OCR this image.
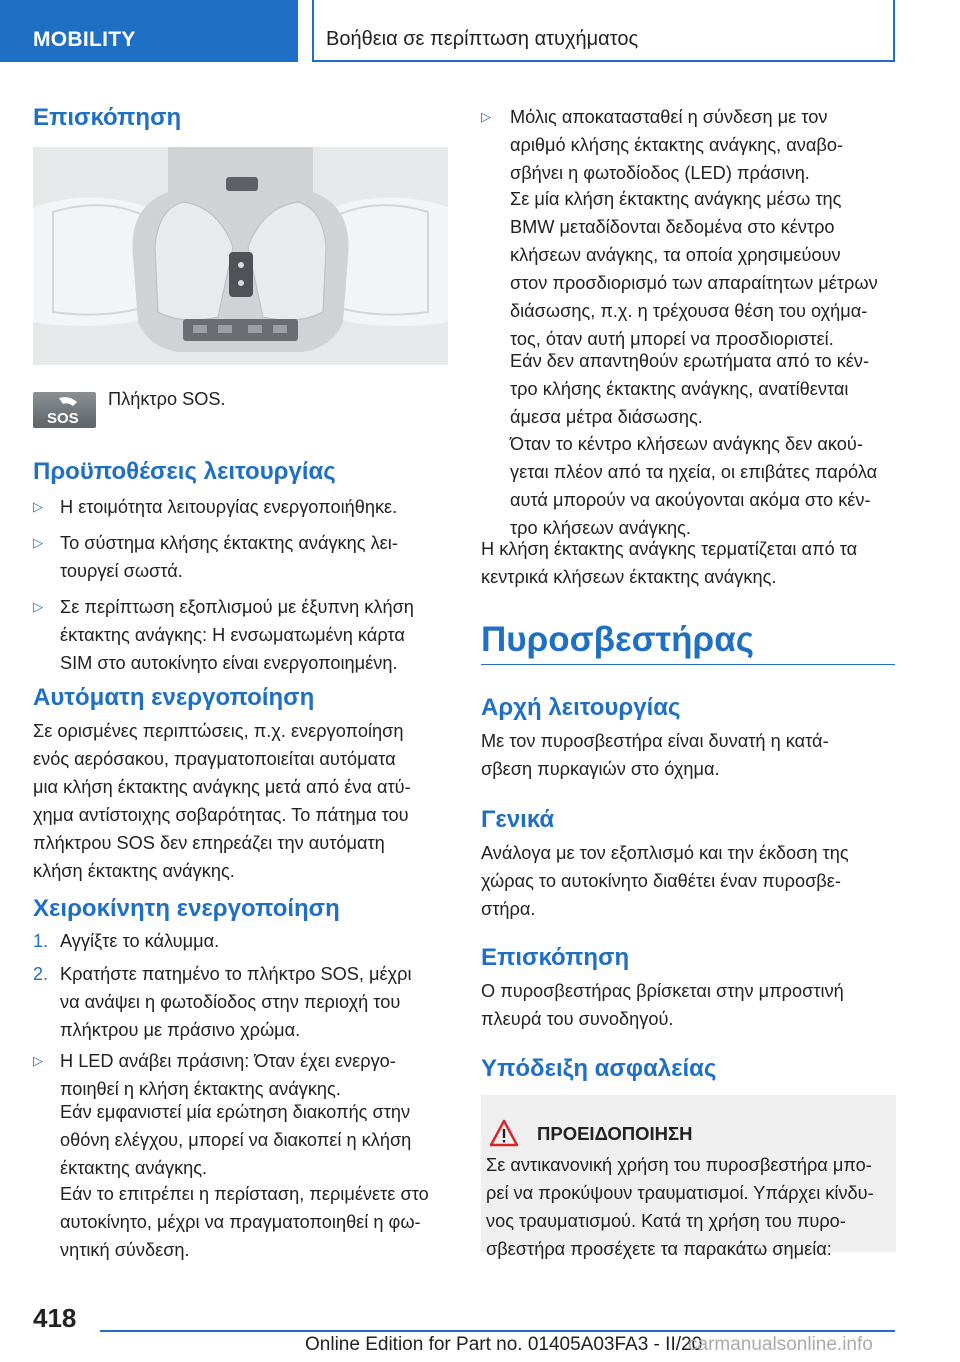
MOBILITY	Βοήθεια σε περίπτωση ατυχήματος
Επισκόπηση
SOS
Πλήκτρο SOS.
Προϋποθέσεις λειτουργίας
▷ Η ετοιμότητα λειτουργίας ενεργοποιήθηκε.

▷ Το σύστημα κλήσης έκτακτης ανάγκης λει-

τουργεί σωστά.

▷ Σε περίπτωση εξοπλισμού με έξυπνη κλήση

έκτακτης ανάγκης: Η ενσωματωμένη κάρτα

SIM στο αυτοκίνητο είναι ενεργοποιημένη.

Αυτόματη ενεργοποίηση

Σε ορισμένες περιπτώσεις, π.χ. ενεργοποίηση

ενός αερόσακου, πραγματοποιείται αυτόματα

μια κλήση έκτακτης ανάγκης μετά από ένα ατύ-

χημα αντίστοιχης σοβαρότητας. Το πάτημα του

πλήκτρου SOS δεν επηρεάζει την αυτόματη

κλήση έκτακτης ανάγκης.

Χειροκίνητη ενεργοποίηση
1. Αγγίξτε το κάλυμμα.

2. Κρατήστε πατημένο το πλήκτρο SOS, μέχρι

να ανάψει η φωτοδίοδος στην περιοχή του

πλήκτρου με πράσινο χρώμα.

▷ Η LED ανάβει πράσινη: Όταν έχει ενεργο-

ποιηθεί η κλήση έκτακτης ανάγκης.

Εάν εμφανιστεί μία ερώτηση διακοπής στην

οθόνη ελέγχου, μπορεί να διακοπεί η κλήση

έκτακτης ανάγκης.

Εάν το επιτρέπει η περίσταση, περιμένετε στο

αυτοκίνητο, μέχρι να πραγματοποιηθεί η φω-

νητική σύνδεση.

▷ Μόλις αποκατασταθεί η σύνδεση με τον

αριθμό κλήσης έκτακτης ανάγκης, αναβο-

σβήνει η φωτοδίοδος (LED) πράσινη.

Σε μία κλήση έκτακτης ανάγκης μέσω της

BMW μεταδίδονται δεδομένα στο κέντρο

κλήσεων ανάγκης, τα οποία χρησιμεύουν

στον προσδιορισμό των απαραίτητων μέτρων

διάσωσης, π.χ. η τρέχουσα θέση του οχήμα-

τος, όταν αυτή μπορεί να προσδιοριστεί.

Εάν δεν απαντηθούν ερωτήματα από το κέν-

τρο κλήσης έκτακτης ανάγκης, ανατίθενται

άμεσα μέτρα διάσωσης.

Όταν το κέντρο κλήσεων ανάγκης δεν ακού-

γεται πλέον από τα ηχεία, οι επιβάτες παρόλα

αυτά μπορούν να ακούγονται ακόμα στο κέν-

τρο κλήσεων ανάγκης.

Η κλήση έκτακτης ανάγκης τερματίζεται από τα

κεντρικά κλήσεων έκτακτης ανάγκης.

Πυροσβεστήρας
Αρχή λειτουργίας

Με τον πυροσβεστήρα είναι δυνατή η κατά-

σβεση πυρκαγιών στο όχημα.

Γενικά

Ανάλογα με τον εξοπλισμό και την έκδοση της

χώρας το αυτοκίνητο διαθέτει έναν πυροσβε-

στήρα.

Επισκόπηση

Ο πυροσβεστήρας βρίσκεται στην μπροστινή

πλευρά του συνοδηγού.

Υπόδειξη ασφαλείας
ΠΡΟΕΙΔΟΠΟΙΗΣΗ

Σε αντικανονική χρήση του πυροσβεστήρα μπο-

ρεί να προκύψουν τραυματισμοί. Υπάρχει κίνδυ-

νος τραυματισμού. Κατά τη χρήση του πυρο-

σβεστήρα προσέχετε τα παρακάτω σημεία:

418
Online Edition for Part no. 01405A03FA3 - II/20
carmanualsonline.info
